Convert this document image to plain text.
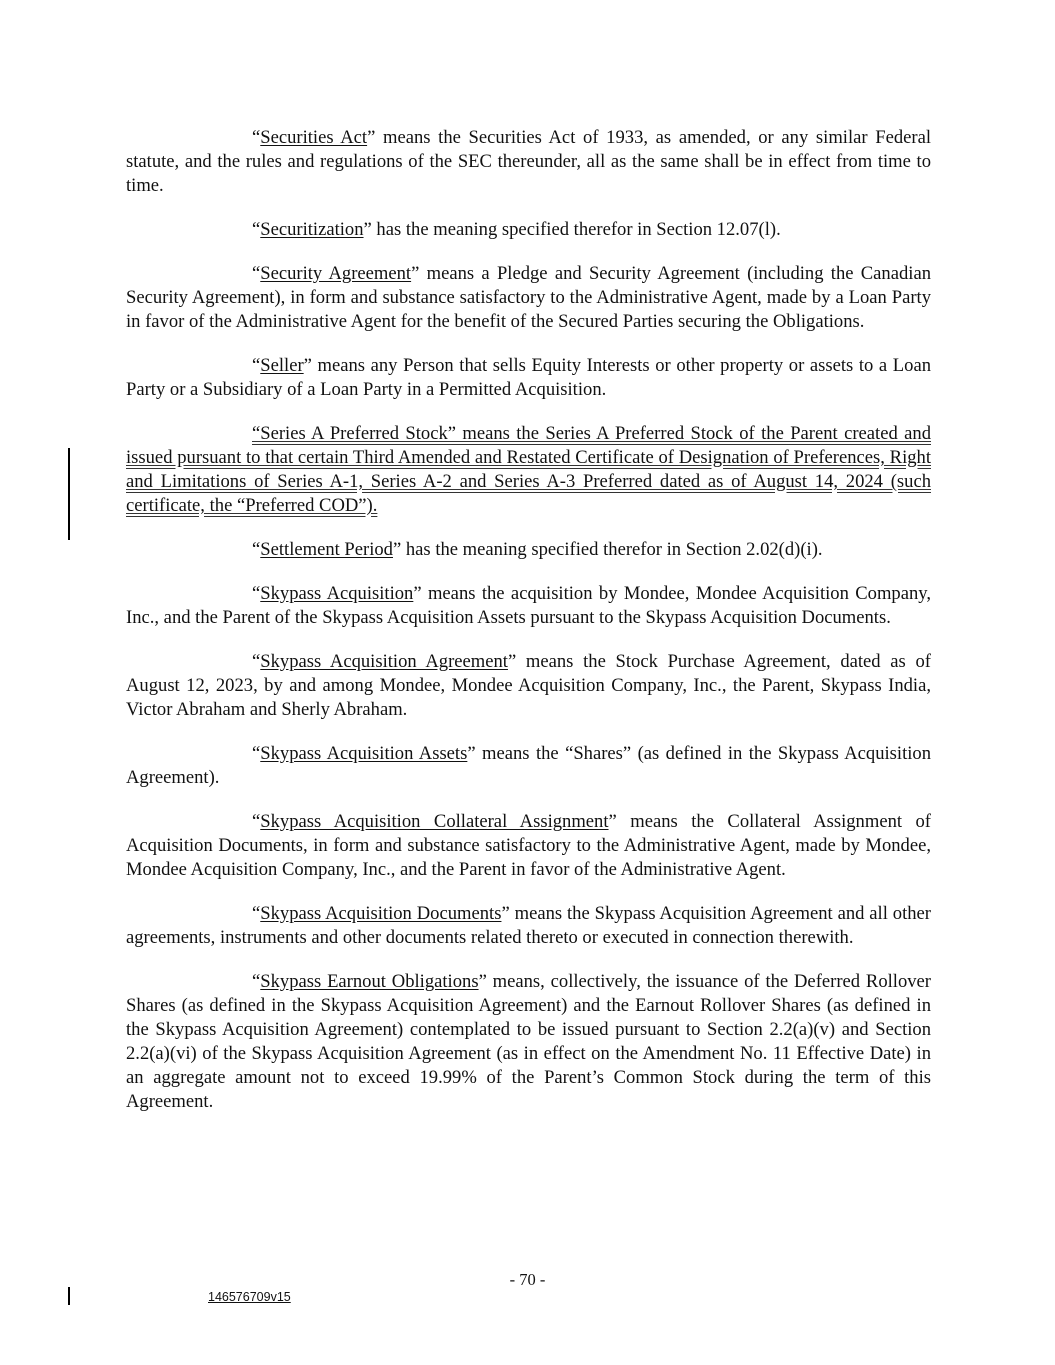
“Securities Act” means the Securities Act of 1933, as amended, or any similar Federal statute, and the rules and regulations of the SEC thereunder, all as the same shall be in effect from time to time.

“Securitization” has the meaning specified therefor in Section 12.07(l).

“Security Agreement” means a Pledge and Security Agreement (including the Canadian Security Agreement), in form and substance satisfactory to the Administrative Agent, made by a Loan Party in favor of the Administrative Agent for the benefit of the Secured Parties securing the Obligations.

“Seller” means any Person that sells Equity Interests or other property or assets to a Loan Party or a Subsidiary of a Loan Party in a Permitted Acquisition.

“Series A Preferred Stock” means the Series A Preferred Stock of the Parent created and issued pursuant to that certain Third Amended and Restated Certificate of Designation of Preferences, Right and Limitations of Series A-1, Series A-2 and Series A-3 Preferred dated as of August 14, 2024 (such certificate, the “Preferred COD”).

“Settlement Period” has the meaning specified therefor in Section 2.02(d)(i).

“Skypass Acquisition” means the acquisition by Mondee, Mondee Acquisition Company, Inc., and the Parent of the Skypass Acquisition Assets pursuant to the Skypass Acquisition Documents.

“Skypass Acquisition Agreement” means the Stock Purchase Agreement, dated as of August 12, 2023, by and among Mondee, Mondee Acquisition Company, Inc., the Parent, Skypass India, Victor Abraham and Sherly Abraham.

“Skypass Acquisition Assets” means the “Shares” (as defined in the Skypass Acquisition Agreement).

“Skypass Acquisition Collateral Assignment” means the Collateral Assignment of Acquisition Documents, in form and substance satisfactory to the Administrative Agent, made by Mondee, Mondee Acquisition Company, Inc., and the Parent in favor of the Administrative Agent.

“Skypass Acquisition Documents” means the Skypass Acquisition Agreement and all other agreements, instruments and other documents related thereto or executed in connection therewith.

“Skypass Earnout Obligations” means, collectively, the issuance of the Deferred Rollover Shares (as defined in the Skypass Acquisition Agreement) and the Earnout Rollover Shares (as defined in the Skypass Acquisition Agreement) contemplated to be issued pursuant to Section 2.2(a)(v) and Section 2.2(a)(vi) of the Skypass Acquisition Agreement (as in effect on the Amendment No. 11 Effective Date) in an aggregate amount not to exceed 19.99% of the Parent’s Common Stock during the term of this Agreement.

- 70 -
146576709v15
